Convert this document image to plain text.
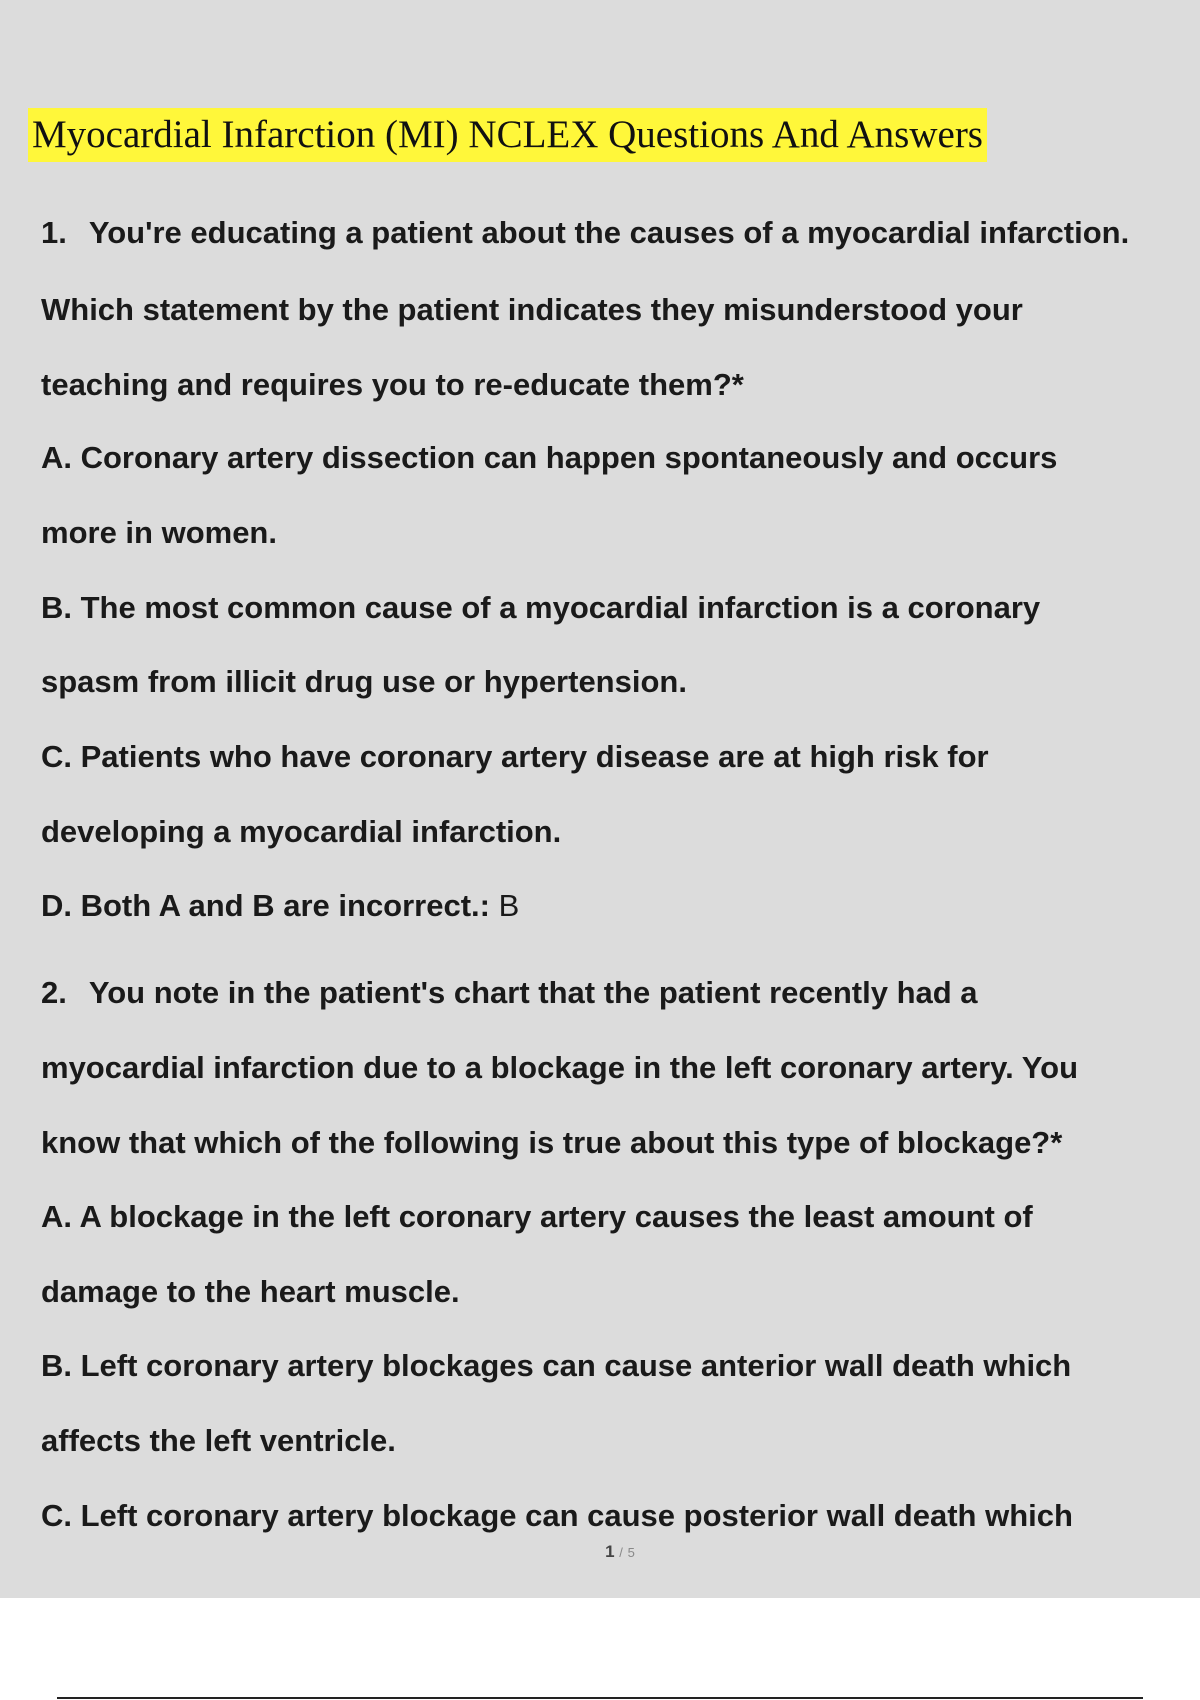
Myocardial Infarction (MI) NCLEX Questions And Answers

1. You're educating a patient about the causes of a myocardial infarction.

Which statement by the patient indicates they misunderstood your

teaching and requires you to re-educate them?*

A. Coronary artery dissection can happen spontaneously and occurs

more in women.

B. The most common cause of a myocardial infarction is a coronary

spasm from illicit drug use or hypertension.

C. Patients who have coronary artery disease are at high risk for

developing a myocardial infarction.

D. Both A and B are incorrect.: B

2. You note in the patient's chart that the patient recently had a

myocardial infarction due to a blockage in the left coronary artery. You

know that which of the following is true about this type of blockage?*

A. A blockage in the left coronary artery causes the least amount of

damage to the heart muscle.

B. Left coronary artery blockages can cause anterior wall death which

affects the left ventricle.

C. Left coronary artery blockage can cause posterior wall death which

1 / 5
